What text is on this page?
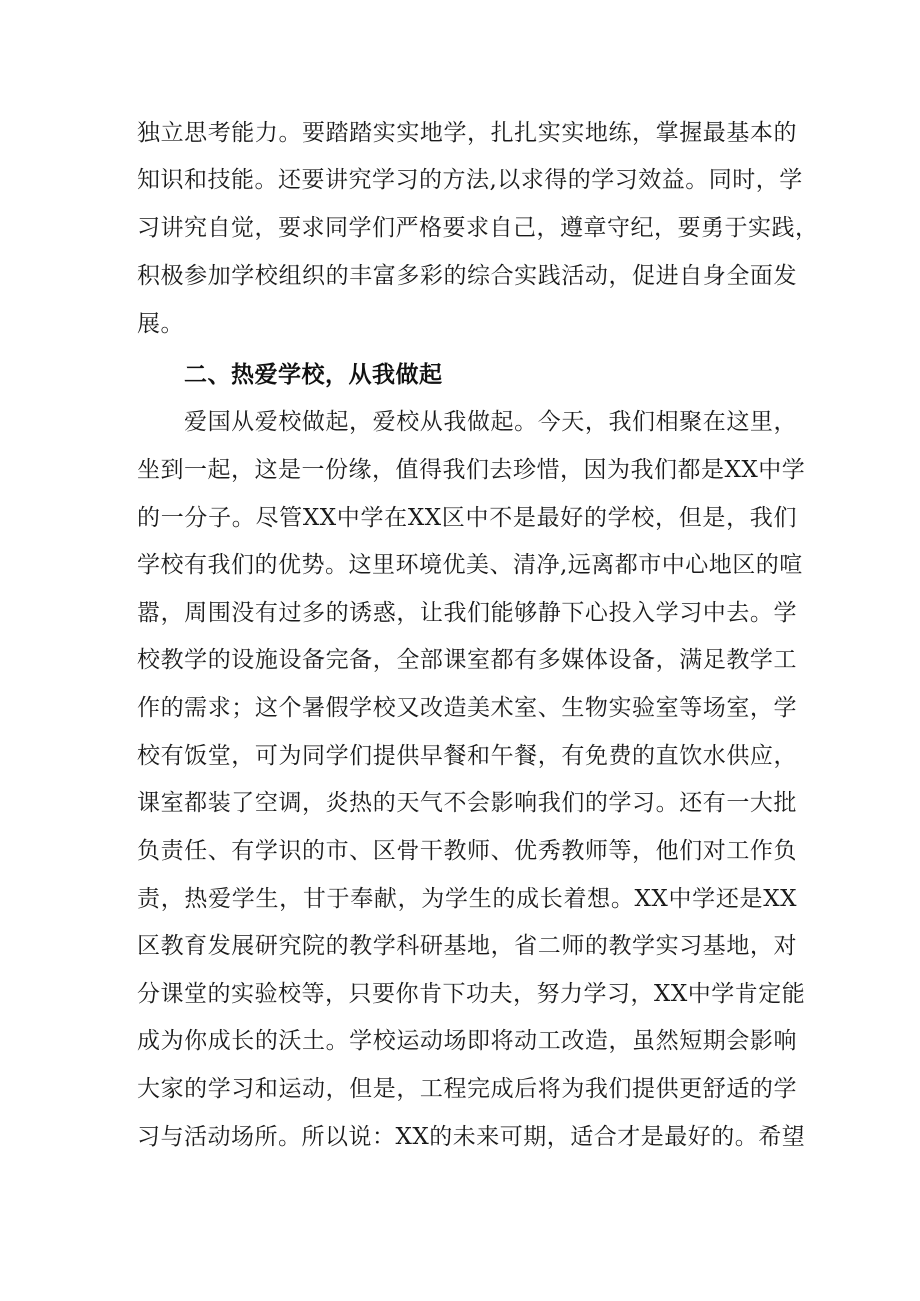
独立思考能力。要踏踏实实地学，扎扎实实地练，掌握最基本的

知识和技能。还要讲究学习的方法,以求得的学习效益。同时，学

习讲究自觉，要求同学们严格要求自己，遵章守纪，要勇于实践，

积极参加学校组织的丰富多彩的综合实践活动，促进自身全面发

展。

二、热爱学校，从我做起

爱国从爱校做起，爱校从我做起。今天，我们相聚在这里，

坐到一起，这是一份缘，值得我们去珍惜，因为我们都是XX中学

的一分子。尽管XX中学在XX区中不是最好的学校，但是，我们

学校有我们的优势。这里环境优美、清净,远离都市中心地区的喧

嚣，周围没有过多的诱惑，让我们能够静下心投入学习中去。学

校教学的设施设备完备，全部课室都有多媒体设备，满足教学工

作的需求；这个暑假学校又改造美术室、生物实验室等场室，学

校有饭堂，可为同学们提供早餐和午餐，有免费的直饮水供应，

课室都装了空调，炎热的天气不会影响我们的学习。还有一大批

负责任、有学识的市、区骨干教师、优秀教师等，他们对工作负

责，热爱学生，甘于奉献，为学生的成长着想。XX中学还是XX

区教育发展研究院的教学科研基地，省二师的教学实习基地，对

分课堂的实验校等，只要你肯下功夫，努力学习，XX中学肯定能

成为你成长的沃土。学校运动场即将动工改造，虽然短期会影响

大家的学习和运动，但是，工程完成后将为我们提供更舒适的学

习与活动场所。所以说：XX的未来可期，适合才是最好的。希望
